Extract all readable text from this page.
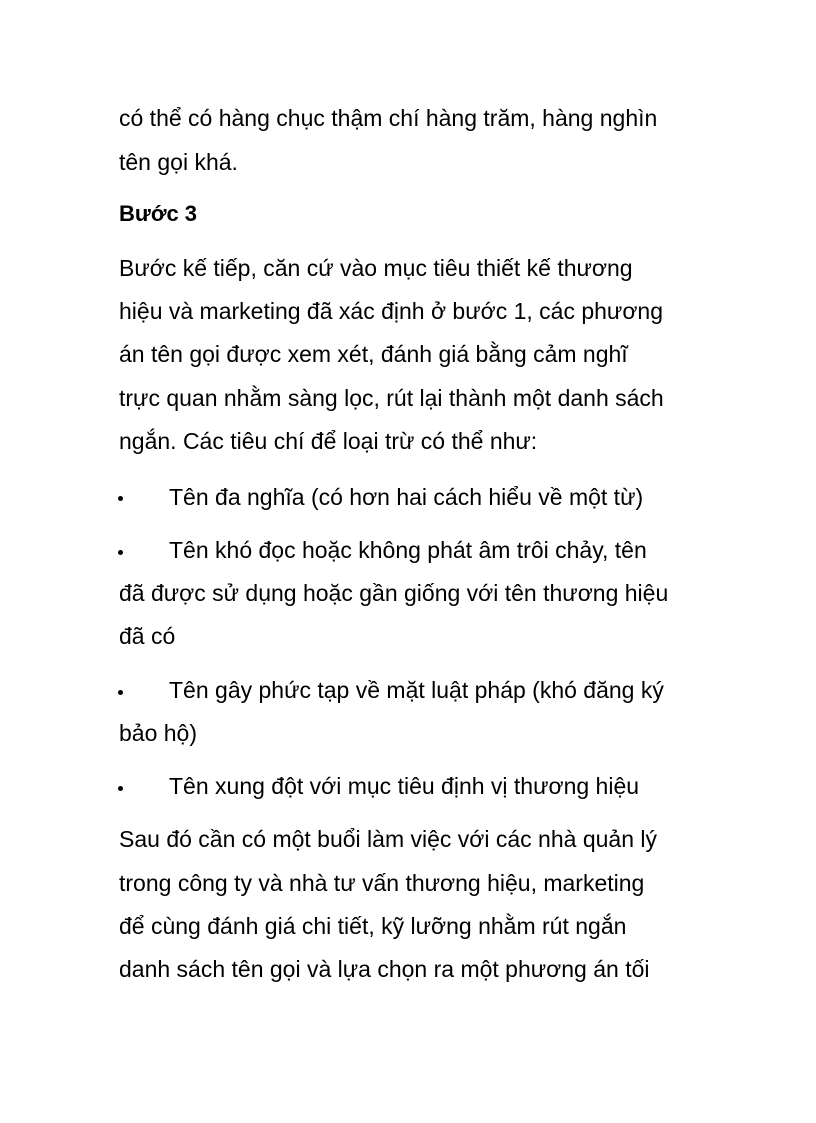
có thể có hàng chục thậm chí hàng trăm, hàng nghìn
tên gọi khá.
Bước 3
Bước kế tiếp, căn cứ vào mục tiêu thiết kế thương
hiệu và marketing đã xác định ở bước 1, các phương
án tên gọi được xem xét, đánh giá bằng cảm nghĩ
trực quan nhằm sàng lọc, rút lại thành một danh sách
ngắn. Các tiêu chí để loại trừ có thể như:
Tên đa nghĩa (có hơn hai cách hiểu về một từ)
Tên khó đọc hoặc không phát âm trôi chảy, tên
đã được sử dụng hoặc gần giống với tên thương hiệu
đã có
Tên gây phức tạp về mặt luật pháp (khó đăng ký
bảo hộ)
Tên xung đột với mục tiêu định vị thương hiệu
Sau đó cần có một buổi làm việc với các nhà quản lý
trong công ty và nhà tư vấn thương hiệu, marketing
để cùng đánh giá chi tiết, kỹ lưỡng nhằm rút ngắn
danh sách tên gọi và lựa chọn ra một phương án tối
